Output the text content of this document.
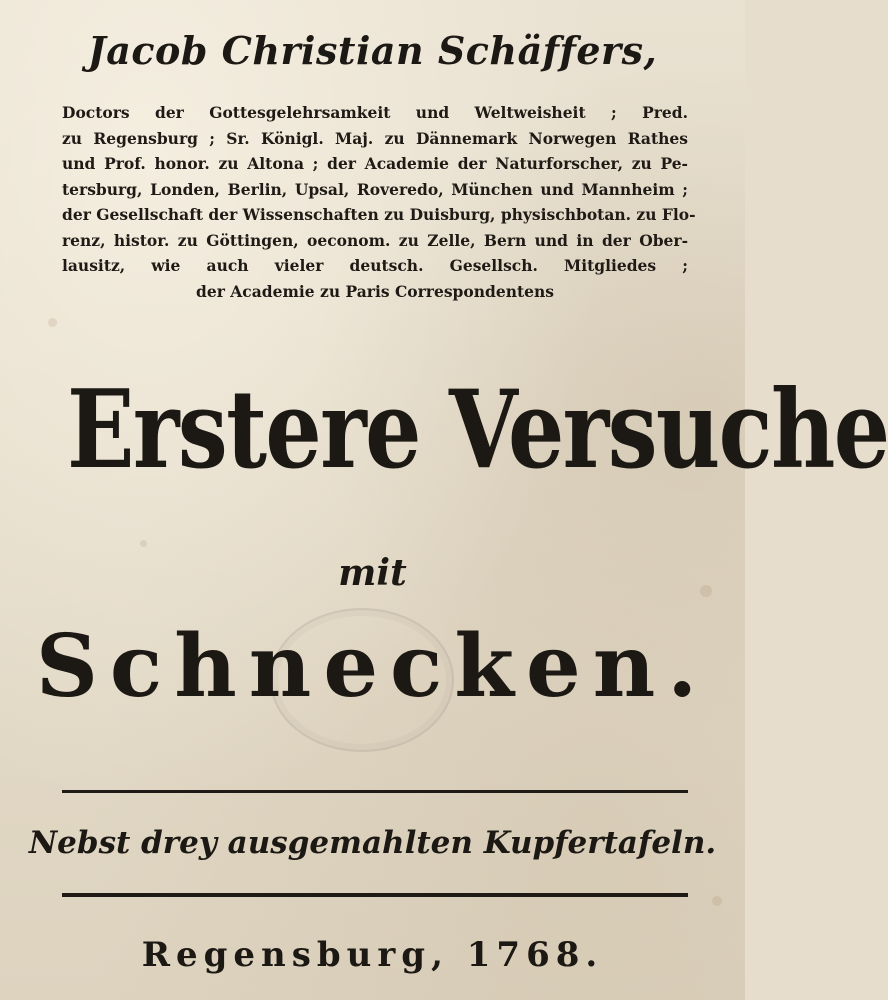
Jacob Christian Schäffers,
Doctors der Gottesgelehrsamkeit und Weltweisheit ; Pred.
zu Regensburg ; Sr. Königl. Maj. zu Dännemark Norwegen Rathes
und Prof. honor. zu Altona ; der Academie der Naturforscher, zu Pe-
tersburg, Londen, Berlin, Upsal, Roveredo, München und Mannheim ;
der Gesellschaft der Wissenschaften zu Duisburg, physischbotan. zu Flo-
renz, histor. zu Göttingen, oeconom. zu Zelle, Bern und in der Ober-
lausitz, wie auch vieler deutsch. Gesellsch. Mitgliedes ;
der Academie zu Paris Correspondentens
Erstere Versuche
mit
Schnecken.
Nebst drey ausgemahlten Kupfertafeln.
Regensburg, 1768.
